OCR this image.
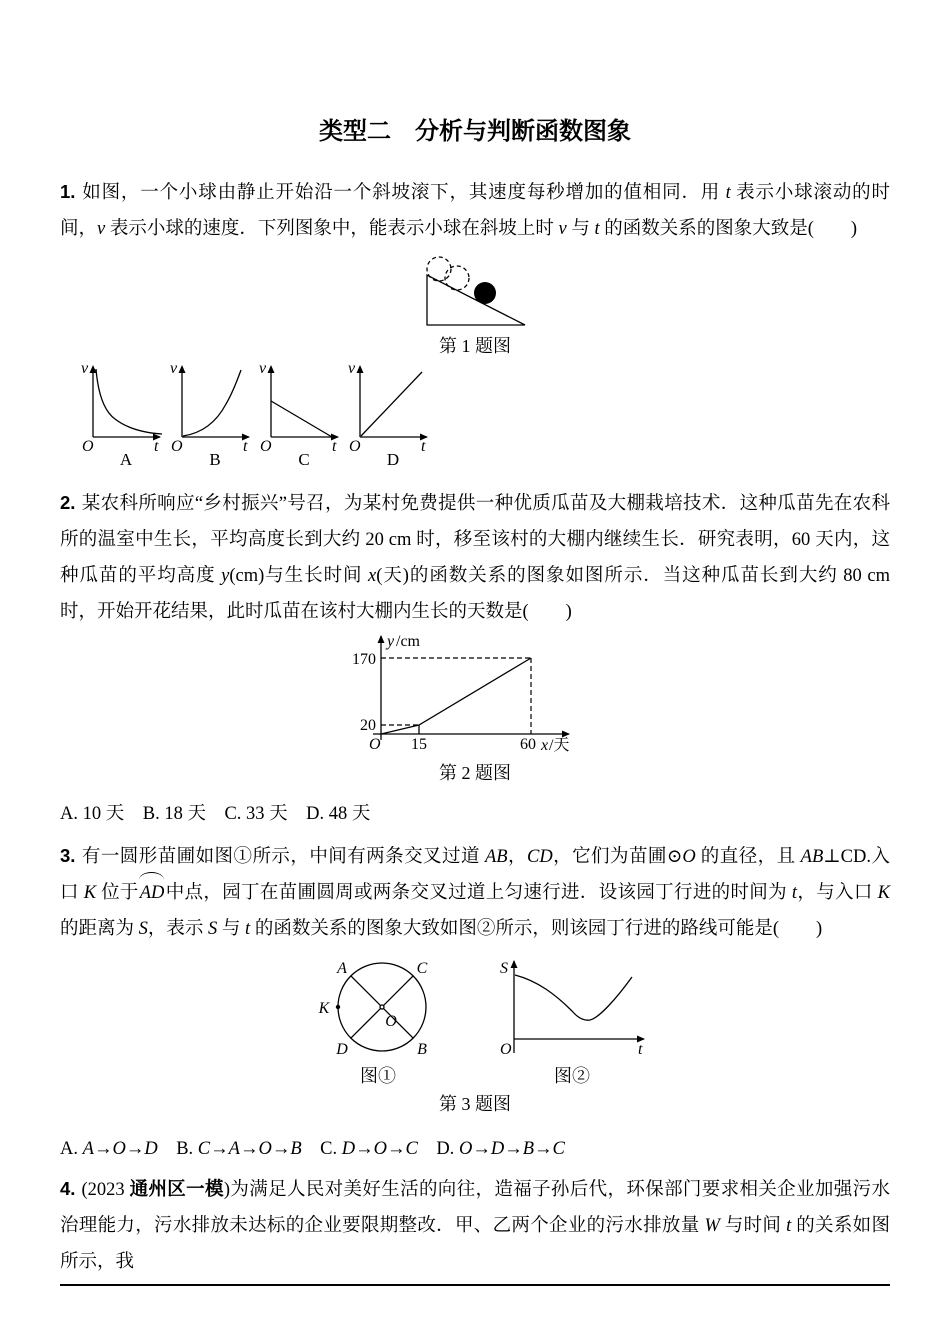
类型二　分析与判断函数图象

1. 如图，一个小球由静止开始沿一个斜坡滚下，其速度每秒增加的值相同．用 t 表示小球滚动的时间，v 表示小球的速度．下列图象中，能表示小球在斜坡上时 v 与 t 的函数关系的图象大致是(　　)

第 1 题图
v
O	t
A
v
O	t
B
v
O	t
C
v
O	t
D

2. 某农科所响应“乡村振兴”号召，为某村免费提供一种优质瓜苗及大棚栽培技术．这种瓜苗先在农科所的温室中生长，平均高度长到大约 20 cm 时，移至该村的大棚内继续生长．研究表明，60 天内，这种瓜苗的平均高度 y(cm)与生长时间 x(天)的函数关系的图象如图所示．当这种瓜苗长到大约 80 cm 时，开始开花结果，此时瓜苗在该村大棚内生长的天数是(　　)

y /cm
170
20
O 15	60 x /天
第 2 题图

A. 10 天　B. 18 天　C. 33 天　D. 48 天

3. 有一圆形苗圃如图①所示，中间有两条交叉过道 AB，CD，它们为苗圃⊙O 的直径，且 AB⊥CD.入口 K 位于AD中点，园丁在苗圃圆周或两条交叉过道上匀速行进．设该园丁行进的时间为 t，与入口 K 的距离为 S，表示 S 与 t 的函数关系的图象大致如图②所示，则该园丁行进的路线可能是(　　)

A	C
K
O
D	B
图①
S
O	t
图②
第 3 题图

A. A→O→D　B. C→A→O→B　C. D→O→C　D. O→D→B→C

4. (2023 通州区一模)为满足人民对美好生活的向往，造福子孙后代，环保部门要求相关企业加强污水治理能力，污水排放未达标的企业要限期整改．甲、乙两个企业的污水排放量 W 与时间 t 的关系如图所示，我
